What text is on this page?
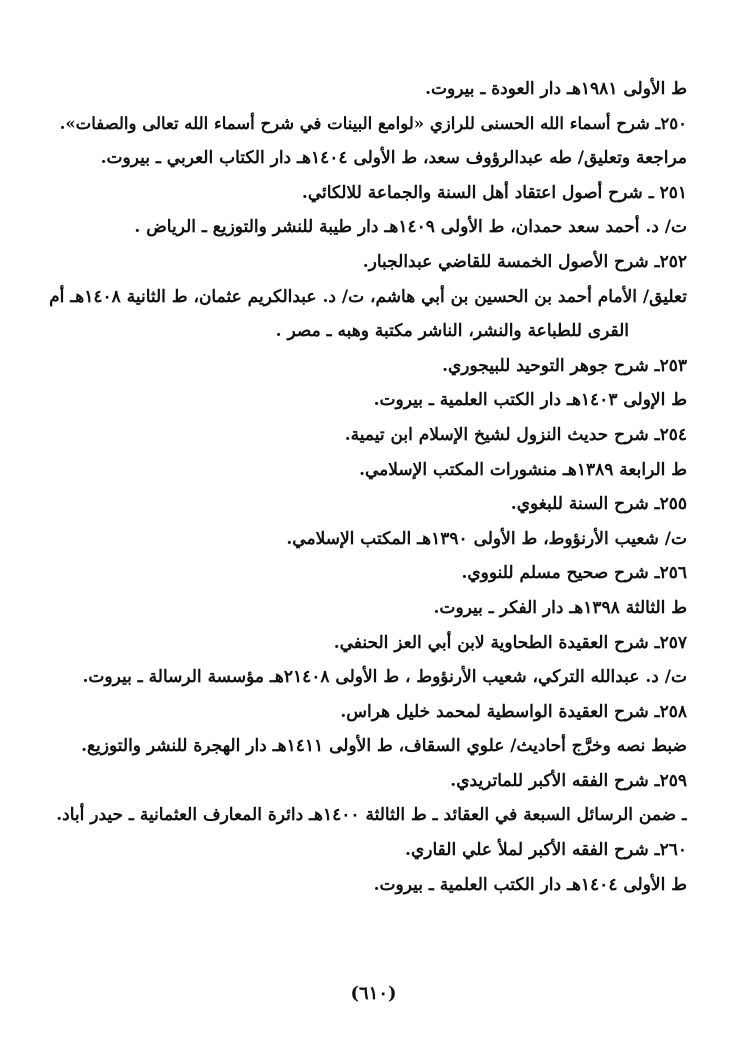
ط الأولى ١٩٨١هـ دار العودة ـ بيروت.
٢٥٠ـ شرح أسماء الله الحسنى للرازي «لوامع البينات في شرح أسماء الله تعالى والصفات».
مراجعة وتعليق/ طه عبدالرؤوف سعد، ط الأولى ١٤٠٤هـ دار الكتاب العربي ـ بيروت.
٢٥١ ـ شرح أصول اعتقاد أهل السنة والجماعة للالكائي.
ت/ د. أحمد سعد حمدان، ط الأولى ١٤٠٩هـ دار طيبة للنشر والتوزيع ـ الرياض .
٢٥٢ـ شرح الأصول الخمسة للقاضي عبدالجبار.
تعليق/ الأمام أحمد بن الحسين بن أبي هاشم، ت/ د. عبدالكريم عثمان، ط الثانية ١٤٠٨هـ أم
القرى للطباعة والنشر، الناشر مكتبة وهبه ـ مصر .
٢٥٣ـ شرح جوهر التوحيد للبيجوري.
ط الإولى ١٤٠٣هـ دار الكتب العلمية ـ بيروت.
٢٥٤ـ شرح حديث النزول لشيخ الإسلام ابن تيمية.
ط الرابعة ١٣٨٩هـ منشورات المكتب الإسلامي.
٢٥٥ـ شرح السنة للبغوي.
ت/ شعيب الأرنؤوط، ط الأولى ١٣٩٠هـ المكتب الإسلامي.
٢٥٦ـ شرح صحيح مسلم للنووي.
ط الثالثة ١٣٩٨هـ دار الفكر ـ بيروت.
٢٥٧ـ شرح العقيدة الطحاوية لابن أبي العز الحنفي.
ت/ د. عبدالله التركي، شعيب الأرنؤوط ، ط الأولى ٢١٤٠٨هـ مؤسسة الرسالة ـ بيروت.
٢٥٨ـ شرح العقيدة الواسطية لمحمد خليل هراس.
ضبط نصه وخرَّج أحاديث/ علوي السقاف، ط الأولى ١٤١١هـ دار الهجرة للنشر والتوزيع.
٢٥٩ـ شرح الفقه الأكبر للماتريدي.
ـ ضمن الرسائل السبعة في العقائد ـ ط الثالثة ١٤٠٠هـ دائرة المعارف العثمانية ـ حيدر أباد.
٢٦٠ـ شرح الفقه الأكبر لملأ علي القاري.
ط الأولى ١٤٠٤هـ دار الكتب العلمية ـ بيروت.
(٦١٠)
